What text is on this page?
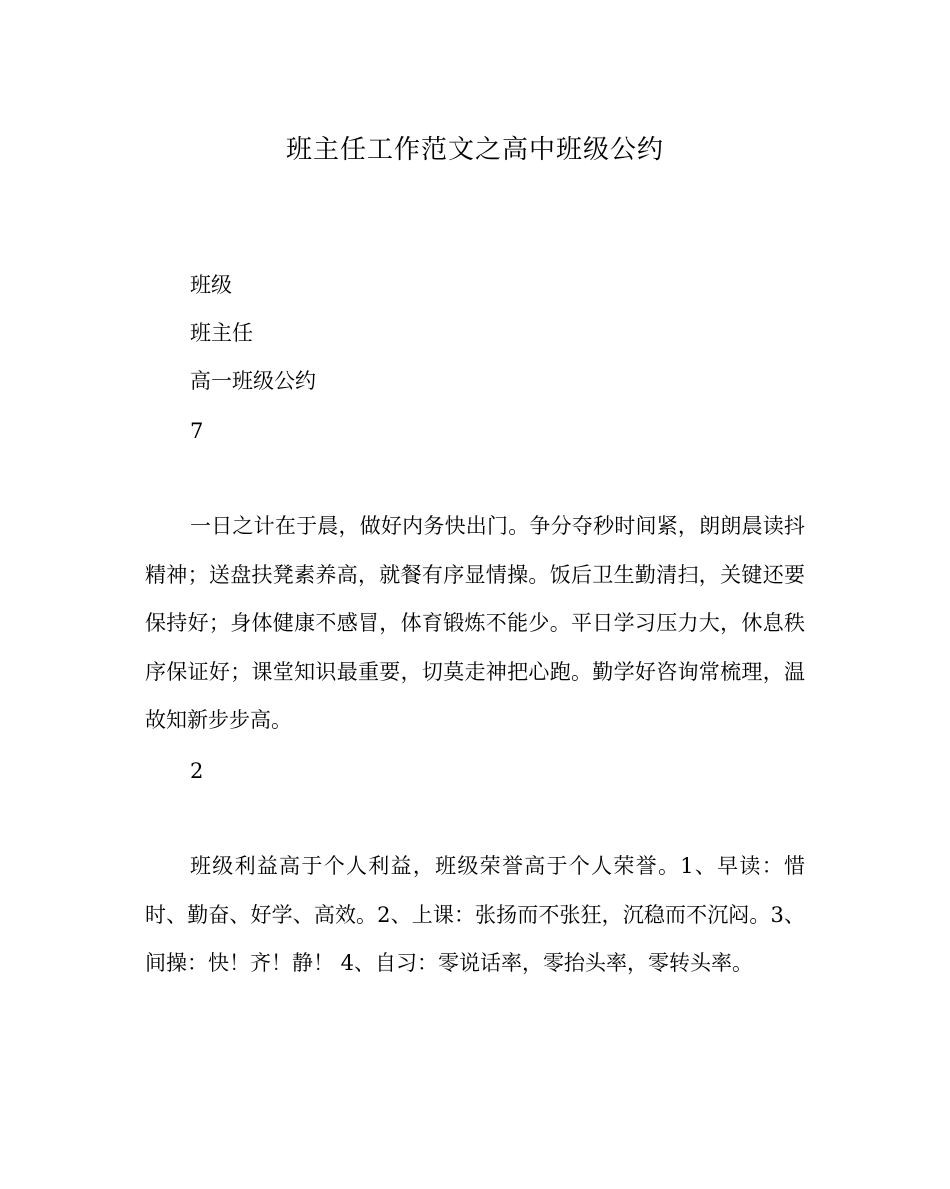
班主任工作范文之高中班级公约
班级
班主任
高一班级公约
7
一日之计在于晨，做好内务快出门。争分夺秒时间紧，朗朗晨读抖精神；送盘扶凳素养高，就餐有序显情操。饭后卫生勤清扫，关键还要保持好；身体健康不感冒，体育锻炼不能少。平日学习压力大，休息秩序保证好；课堂知识最重要，切莫走神把心跑。勤学好咨询常梳理，温故知新步步高。
2
班级利益高于个人利益，班级荣誉高于个人荣誉。1、早读：惜时、勤奋、好学、高效。2、上课：张扬而不张狂，沉稳而不沉闷。3、间操：快！齐！静！ 4、自习：零说话率，零抬头率，零转头率。
